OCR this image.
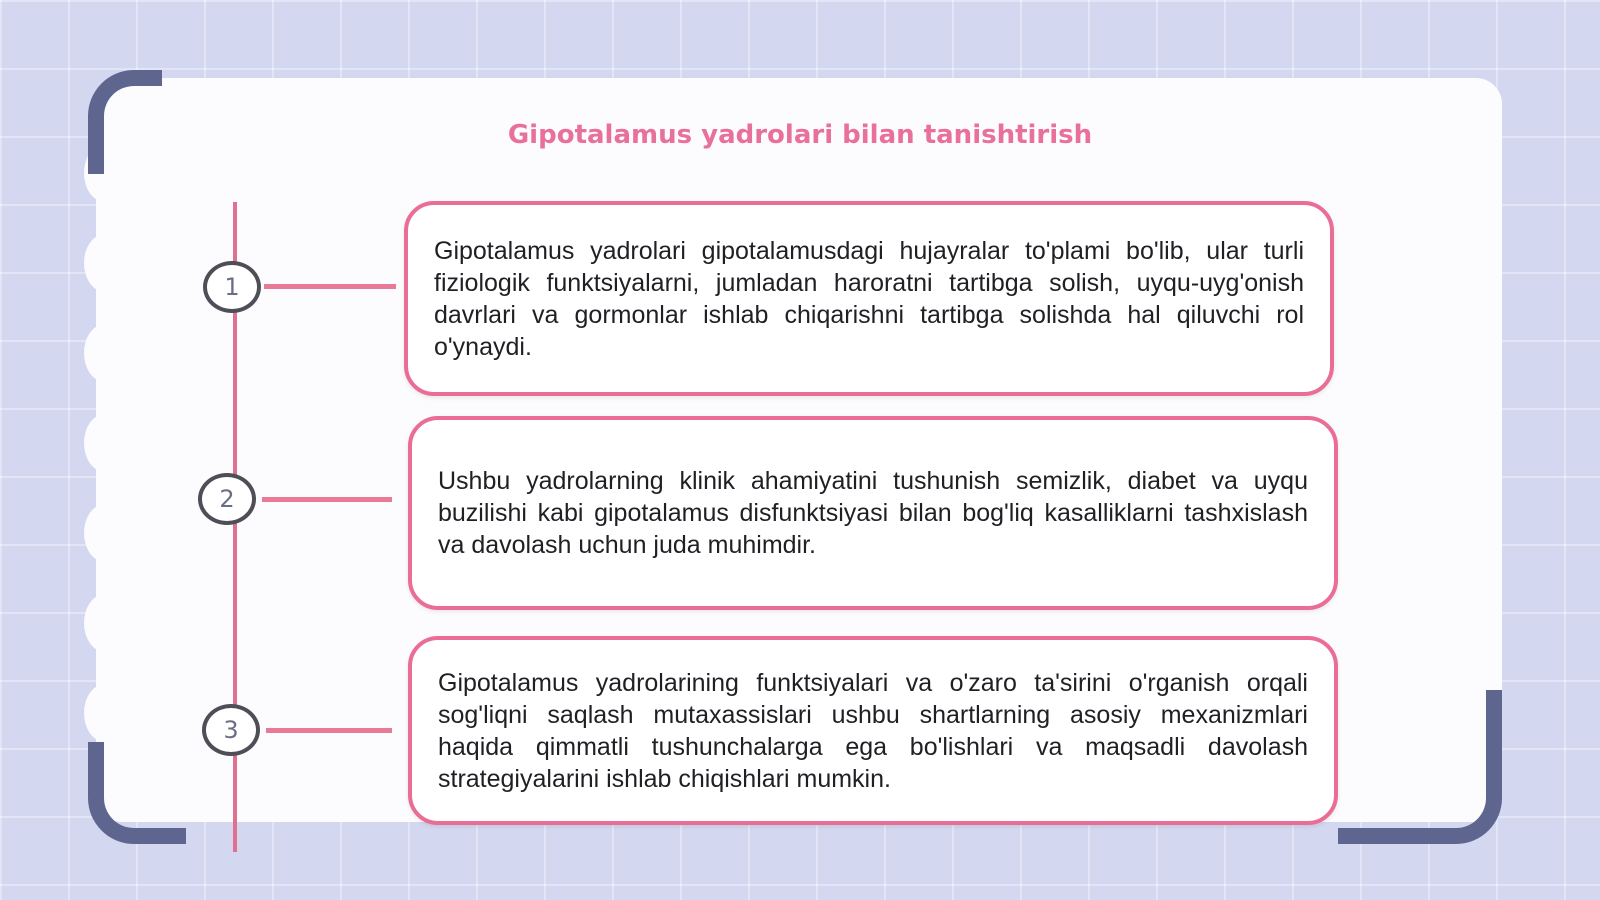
Gipotalamus yadrolari bilan tanishtirish
1
2
3

Gipotalamus yadrolari gipotalamusdagi hujayralar to'plami bo'lib, ular turli fiziologik funktsiyalarni, jumladan haroratni tartibga solish, uyqu-uyg'onish davrlari va gormonlar ishlab chiqarishni tartibga solishda hal qiluvchi rol o'ynaydi.

Ushbu yadrolarning klinik ahamiyatini tushunish semizlik, diabet va uyqu buzilishi kabi gipotalamus disfunktsiyasi bilan bog'liq kasalliklarni tashxislash va davolash uchun juda muhimdir.

Gipotalamus yadrolarining funktsiyalari va o'zaro ta'sirini o'rganish orqali sog'liqni saqlash mutaxassislari ushbu shartlarning asosiy mexanizmlari haqida qimmatli tushunchalarga ega bo'lishlari va maqsadli davolash strategiyalarini ishlab chiqishlari mumkin.
